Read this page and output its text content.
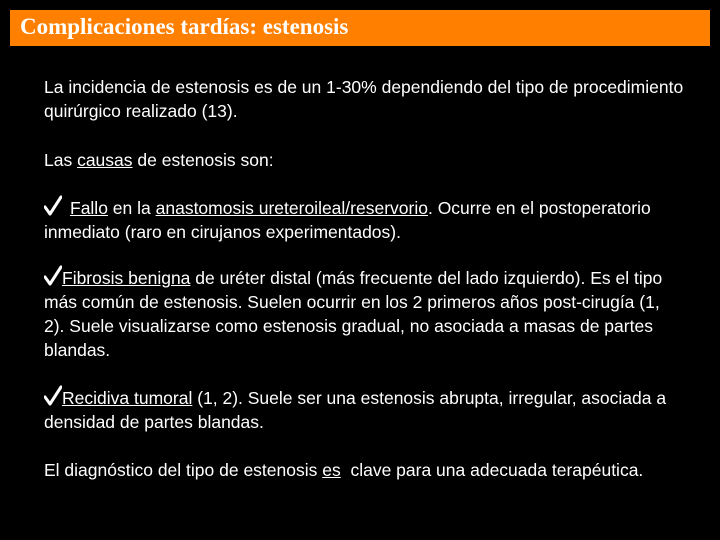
Complicaciones tardías: estenosis
La incidencia de estenosis es de un 1-30% dependiendo del tipo de procedimiento quirúrgico realizado (13).
Las causas de estenosis son:
Fallo en la anastomosis ureteroileal/reservorio. Ocurre en el postoperatorio inmediato (raro en cirujanos experimentados).
Fibrosis benigna de uréter distal (más frecuente del lado izquierdo). Es el tipo más común de estenosis. Suelen ocurrir en los 2 primeros años post-cirugía (1, 2). Suele visualizarse como estenosis gradual, no asociada a masas de partes blandas.
Recidiva tumoral (1, 2). Suele ser una estenosis abrupta, irregular, asociada a densidad de partes blandas.
El diagnóstico del tipo de estenosis es  clave para una adecuada terapéutica.
